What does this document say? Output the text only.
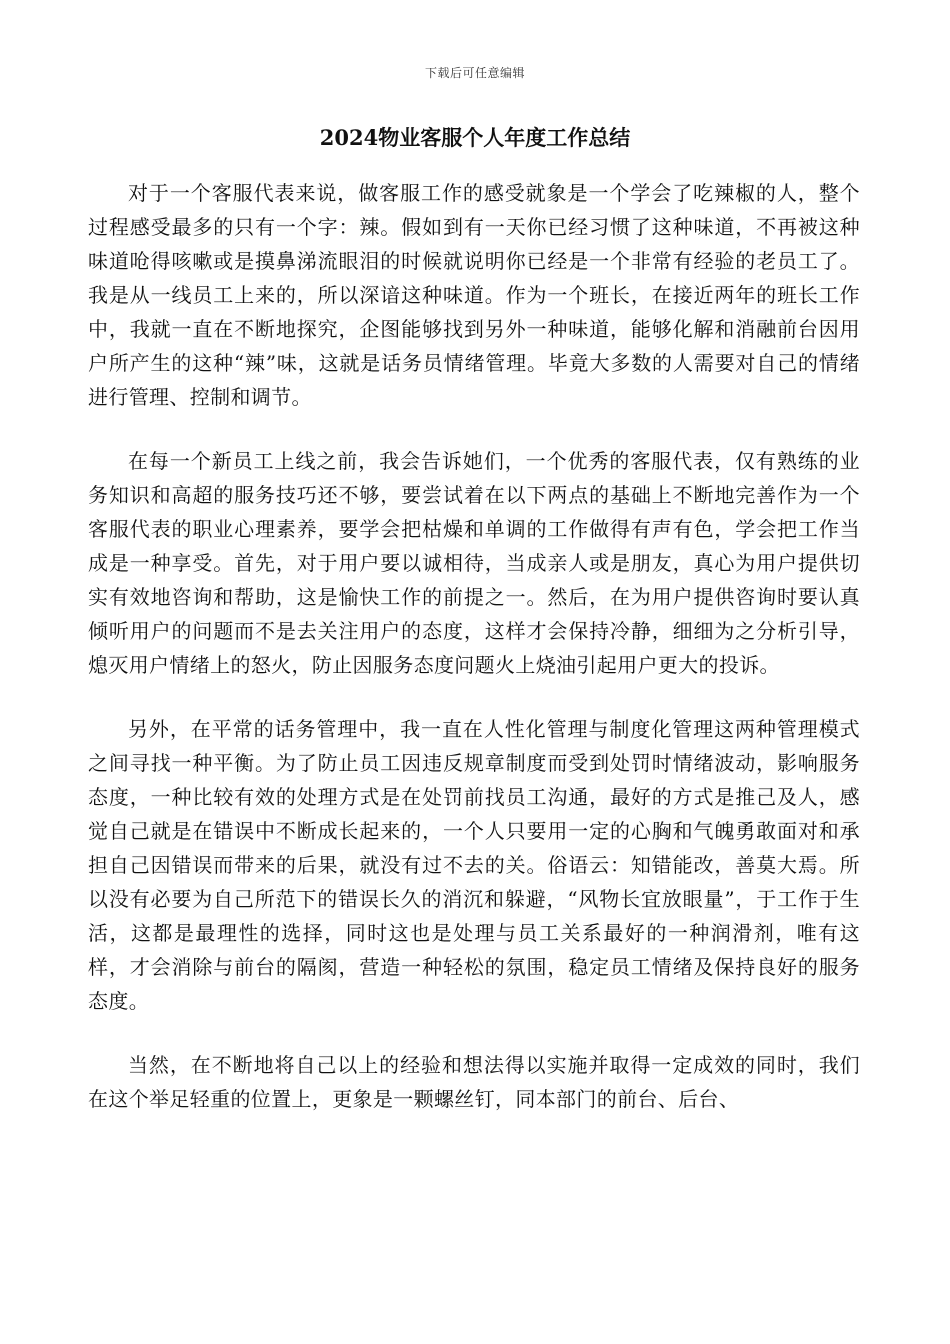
下载后可任意编辑
2024物业客服个人年度工作总结

对于一个客服代表来说，做客服工作的感受就象是一个学会了吃辣椒的人，整个过程感受最多的只有一个字：辣。假如到有一天你已经习惯了这种味道，不再被这种味道呛得咳嗽或是摸鼻涕流眼泪的时候就说明你已经是一个非常有经验的老员工了。我是从一线员工上来的，所以深谙这种味道。作为一个班长，在接近两年的班长工作中，我就一直在不断地探究，企图能够找到另外一种味道，能够化解和消融前台因用户所产生的这种“辣”味，这就是话务员情绪管理。毕竟大多数的人需要对自己的情绪进行管理、控制和调节。

在每一个新员工上线之前，我会告诉她们，一个优秀的客服代表，仅有熟练的业务知识和高超的服务技巧还不够，要尝试着在以下两点的基础上不断地完善作为一个客服代表的职业心理素养，要学会把枯燥和单调的工作做得有声有色，学会把工作当成是一种享受。首先，对于用户要以诚相待，当成亲人或是朋友，真心为用户提供切实有效地咨询和帮助，这是愉快工作的前提之一。然后，在为用户提供咨询时要认真倾听用户的问题而不是去关注用户的态度，这样才会保持冷静，细细为之分析引导，熄灭用户情绪上的怒火，防止因服务态度问题火上烧油引起用户更大的投诉。

另外，在平常的话务管理中，我一直在人性化管理与制度化管理这两种管理模式之间寻找一种平衡。为了防止员工因违反规章制度而受到处罚时情绪波动，影响服务态度，一种比较有效的处理方式是在处罚前找员工沟通，最好的方式是推己及人，感觉自己就是在错误中不断成长起来的，一个人只要用一定的心胸和气魄勇敢面对和承担自己因错误而带来的后果，就没有过不去的关。俗语云：知错能改，善莫大焉。所以没有必要为自己所范下的错误长久的消沉和躲避，“风物长宜放眼量”，于工作于生活，这都是最理性的选择，同时这也是处理与员工关系最好的一种润滑剂，唯有这样，才会消除与前台的隔阂，营造一种轻松的氛围，稳定员工情绪及保持良好的服务态度。

当然，在不断地将自己以上的经验和想法得以实施并取得一定成效的同时，我们在这个举足轻重的位置上，更象是一颗螺丝钉，同本部门的前台、后台、
